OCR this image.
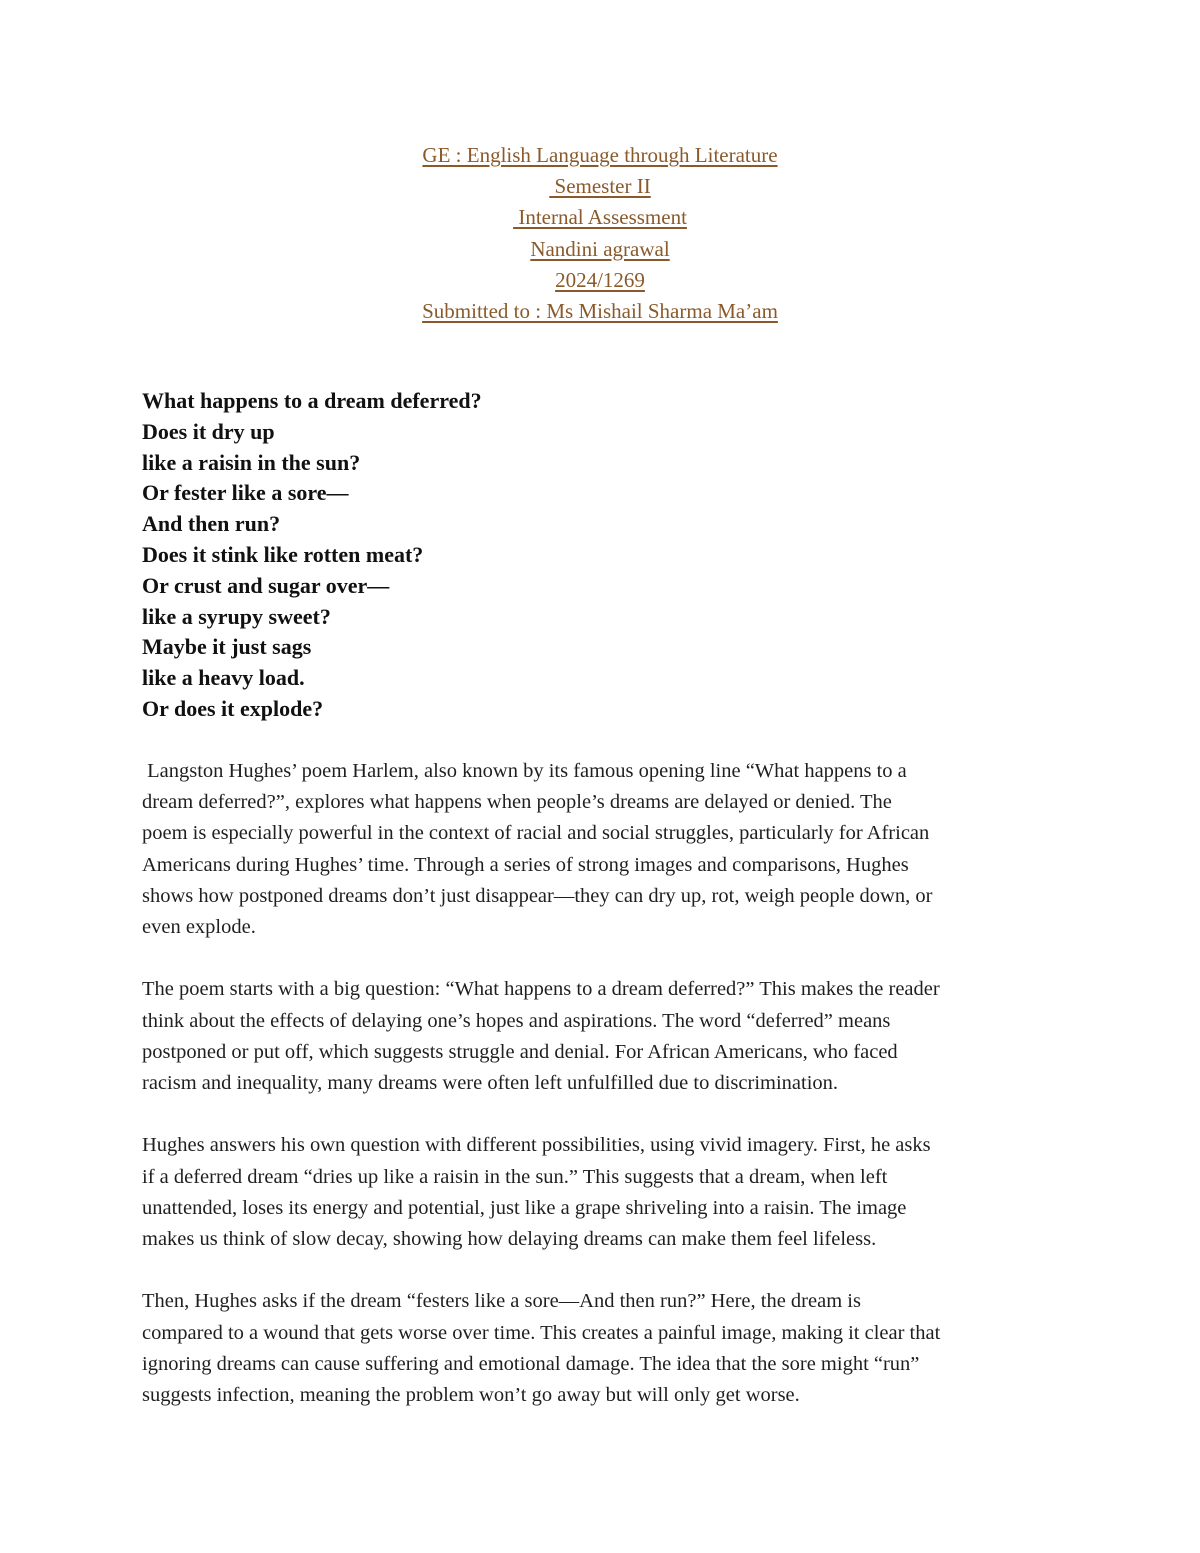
GE : English Language through Literature
Semester II
Internal Assessment
Nandini agrawal
2024/1269
Submitted to : Ms Mishail Sharma Ma’am
What happens to a dream deferred?
Does it dry up
like a raisin in the sun?
Or fester like a sore—
And then run?
Does it stink like rotten meat?
Or crust and sugar over—
like a syrupy sweet?
Maybe it just sags
like a heavy load.
Or does it explode?

Langston Hughes’ poem Harlem, also known by its famous opening line “What happens to a
dream deferred?”, explores what happens when people’s dreams are delayed or denied. The
poem is especially powerful in the context of racial and social struggles, particularly for African
Americans during Hughes’ time. Through a series of strong images and comparisons, Hughes
shows how postponed dreams don’t just disappear—they can dry up, rot, weigh people down, or
even explode.

The poem starts with a big question: “What happens to a dream deferred?” This makes the reader
think about the effects of delaying one’s hopes and aspirations. The word “deferred” means
postponed or put off, which suggests struggle and denial. For African Americans, who faced
racism and inequality, many dreams were often left unfulfilled due to discrimination.

Hughes answers his own question with different possibilities, using vivid imagery. First, he asks
if a deferred dream “dries up like a raisin in the sun.” This suggests that a dream, when left
unattended, loses its energy and potential, just like a grape shriveling into a raisin. The image
makes us think of slow decay, showing how delaying dreams can make them feel lifeless.

Then, Hughes asks if the dream “festers like a sore—And then run?” Here, the dream is
compared to a wound that gets worse over time. This creates a painful image, making it clear that
ignoring dreams can cause suffering and emotional damage. The idea that the sore might “run”
suggests infection, meaning the problem won’t go away but will only get worse.
